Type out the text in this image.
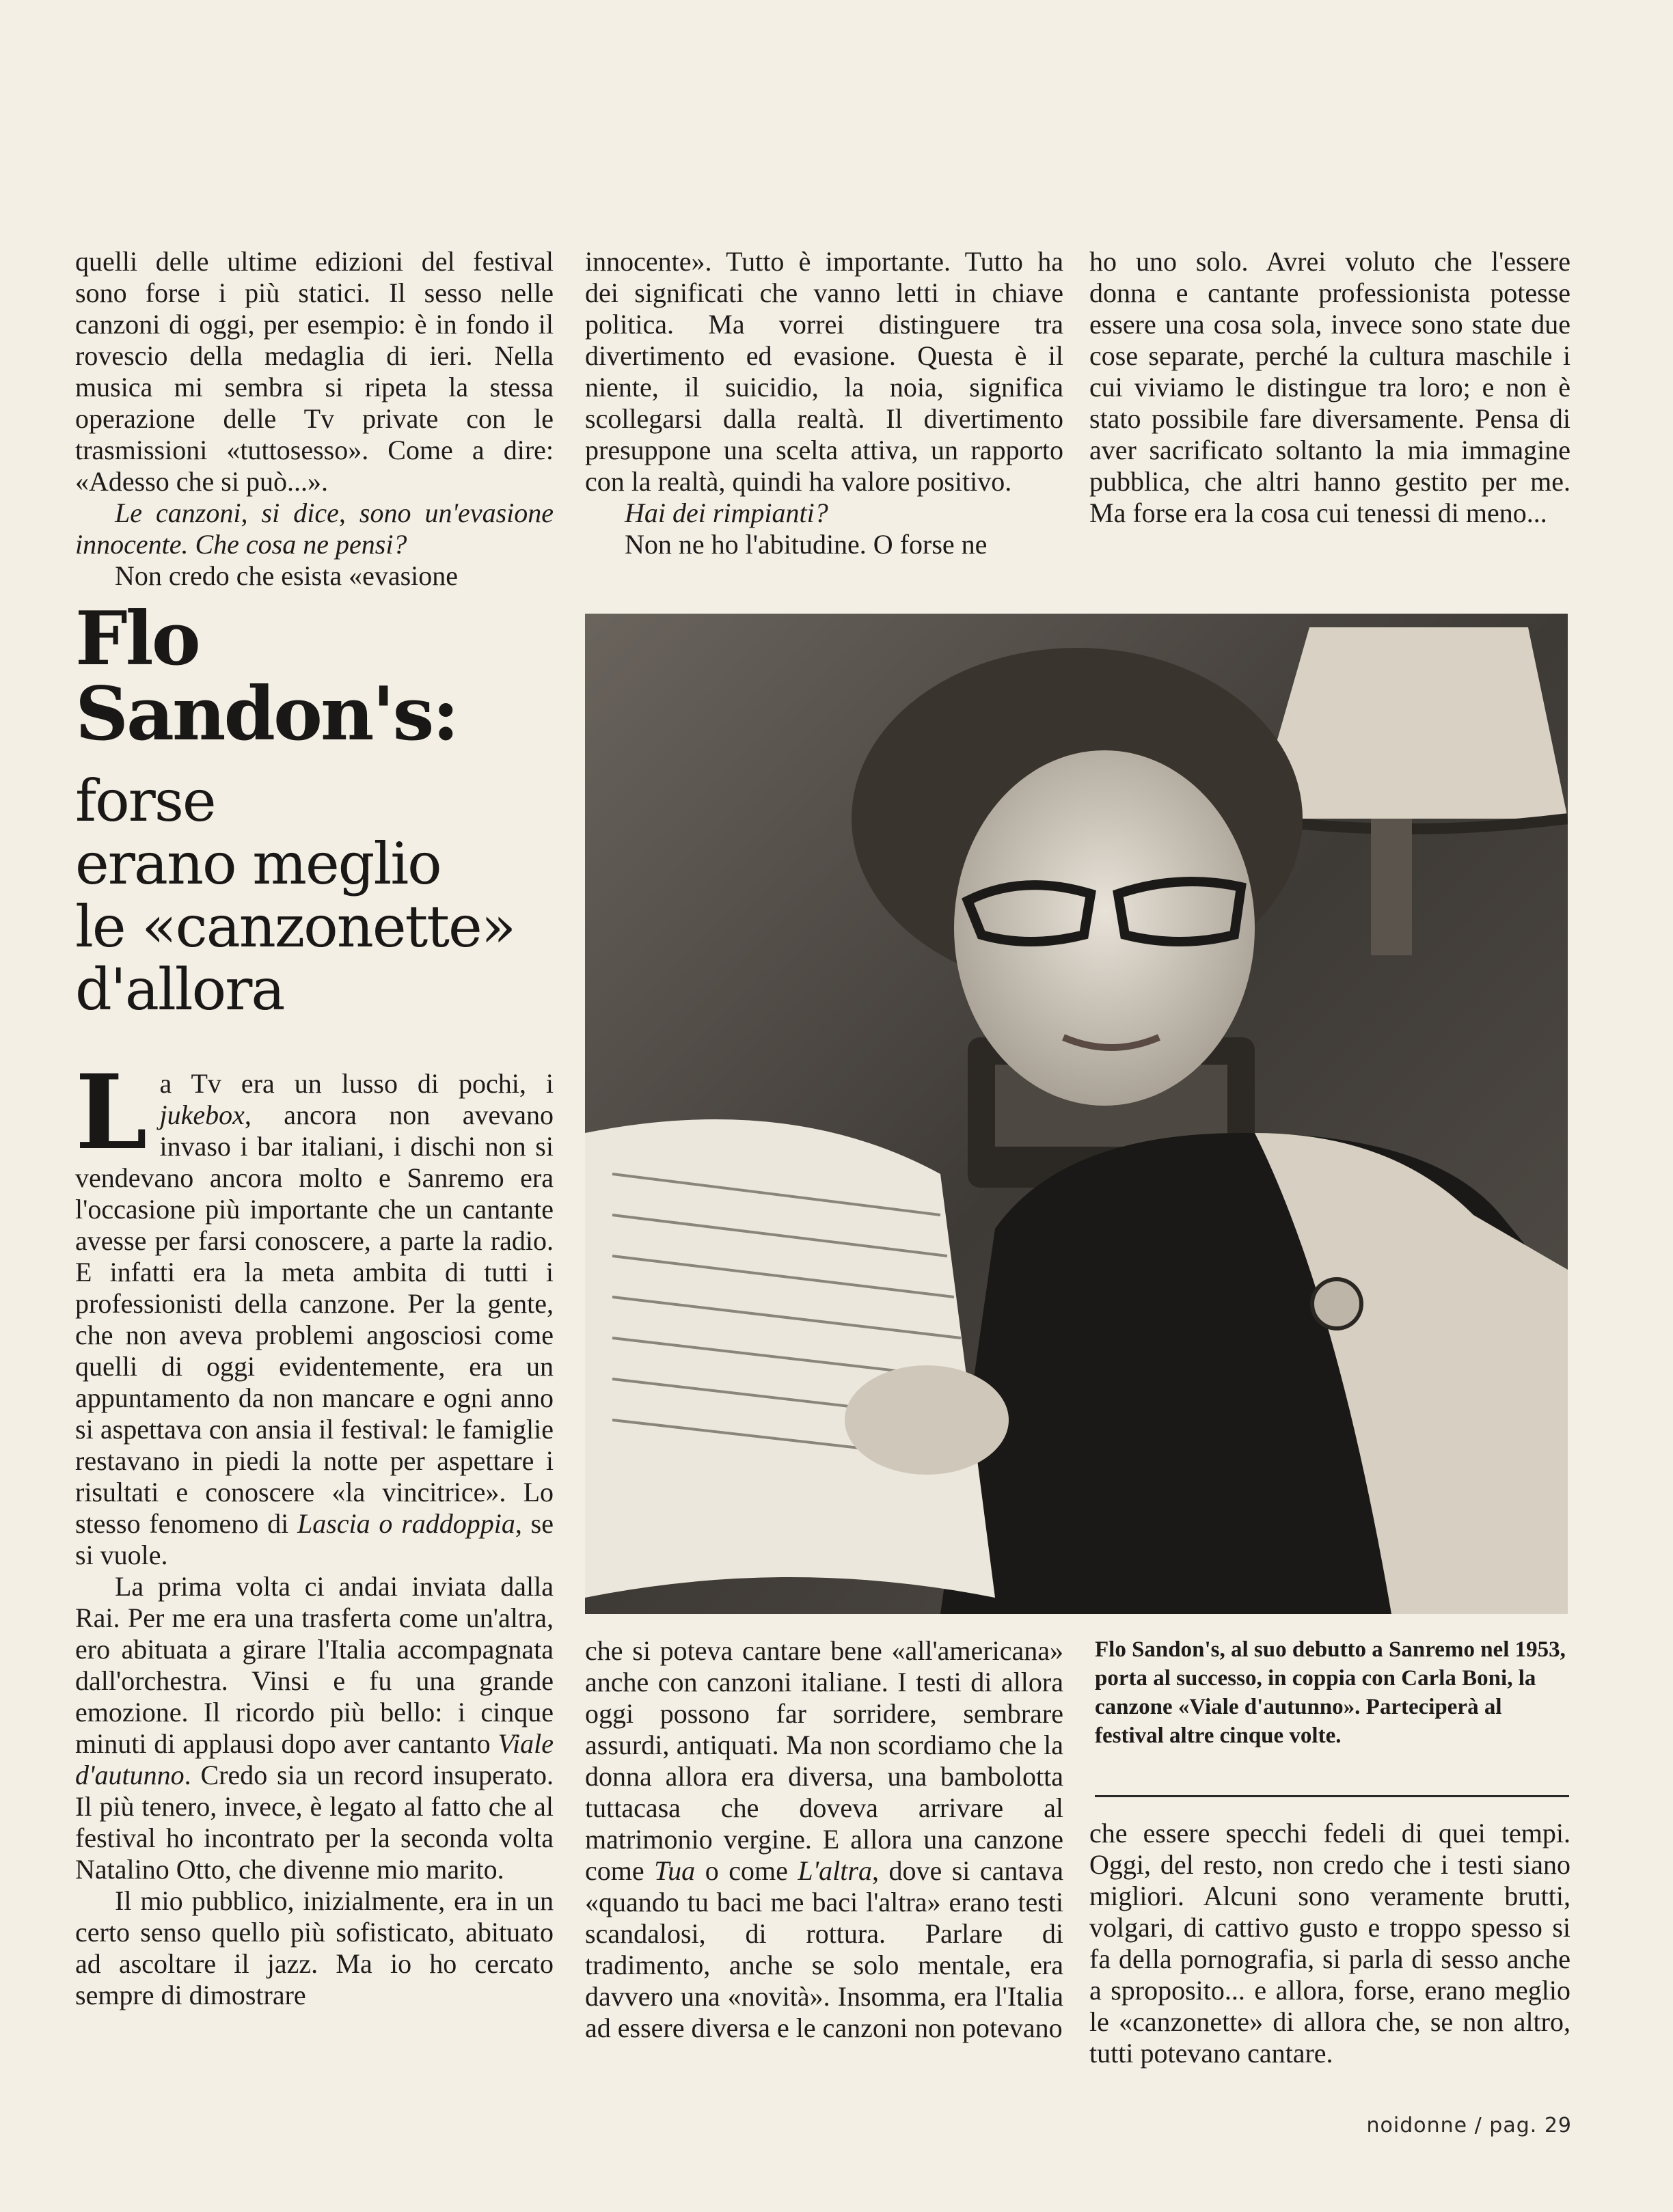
quelli delle ultime edizioni del festival sono forse i più statici. Il sesso nelle canzoni di oggi, per esempio: è in fondo il rovescio della medaglia di ieri. Nella musica mi sembra si ripeta la stessa operazione delle Tv private con le trasmissioni «tuttosesso». Come a dire: «Adesso che si può...».

Le canzoni, si dice, sono un'evasione innocente. Che cosa ne pensi?

Non credo che esista «evasione

innocente». Tutto è importante. Tutto ha dei significati che vanno letti in chiave politica. Ma vorrei distinguere tra divertimento ed evasione. Questa è il niente, il suicidio, la noia, significa scollegarsi dalla realtà. Il divertimento presuppone una scelta attiva, un rapporto con la realtà, quindi ha valore positivo.

Hai dei rimpianti?

Non ne ho l'abitudine. O forse ne

ho uno solo. Avrei voluto che l'essere donna e cantante professionista potesse essere una cosa sola, invece sono state due cose separate, perché la cultura maschile i cui viviamo le distingue tra loro; e non è stato possibile fare diversamente. Pensa di aver sacrificato soltanto la mia immagine pubblica, che altri hanno gestito per me. Ma forse era la cosa cui tenessi di meno...

Flo

Sandon's:

forse

erano meglio

le «canzonette»

d'allora

La Tv era un lusso di pochi, i jukebox, ancora non avevano invaso i bar italiani, i dischi non si vendevano ancora molto e Sanremo era l'occasione più importante che un cantante avesse per farsi conoscere, a parte la radio. E infatti era la meta ambita di tutti i professionisti della canzone. Per la gente, che non aveva problemi angosciosi come quelli di oggi evidentemente, era un appuntamento da non mancare e ogni anno si aspettava con ansia il festival: le famiglie restavano in piedi la notte per aspettare i risultati e conoscere «la vincitrice». Lo stesso fenomeno di Lascia o raddoppia, se si vuole.

La prima volta ci andai inviata dalla Rai. Per me era una trasferta come un'altra, ero abituata a girare l'Italia accompagnata dall'orchestra. Vinsi e fu una grande emozione. Il ricordo più bello: i cinque minuti di applausi dopo aver cantanto Viale d'autunno. Credo sia un record insuperato. Il più tenero, invece, è legato al fatto che al festival ho incontrato per la seconda volta Natalino Otto, che divenne mio marito.

Il mio pubblico, inizialmente, era in un certo senso quello più sofisticato, abituato ad ascoltare il jazz. Ma io ho cercato sempre di dimostrare

che si poteva cantare bene «all'americana» anche con canzoni italiane. I testi di allora oggi possono far sorridere, sembrare assurdi, antiquati. Ma non scordiamo che la donna allora era diversa, una bambolotta tuttacasa che doveva arrivare al matrimonio vergine. E allora una canzone come Tua o come L'altra, dove si cantava «quando tu baci me baci l'altra» erano testi scandalosi, di rottura. Parlare di tradimento, anche se solo mentale, era davvero una «novità». Insomma, era l'Italia ad essere diversa e le canzoni non potevano

Flo Sandon's, al suo debutto a Sanremo nel 1953, porta al successo, in coppia con Carla Boni, la canzone «Viale d'autunno». Parteciperà al festival altre cinque volte.

che essere specchi fedeli di quei tempi. Oggi, del resto, non credo che i testi siano migliori. Alcuni sono veramente brutti, volgari, di cattivo gusto e troppo spesso si fa della pornografia, si parla di sesso anche a sproposito... e allora, forse, erano meglio le «canzonette» di allora che, se non altro, tutti potevano cantare.

noidonne / pag. 29
